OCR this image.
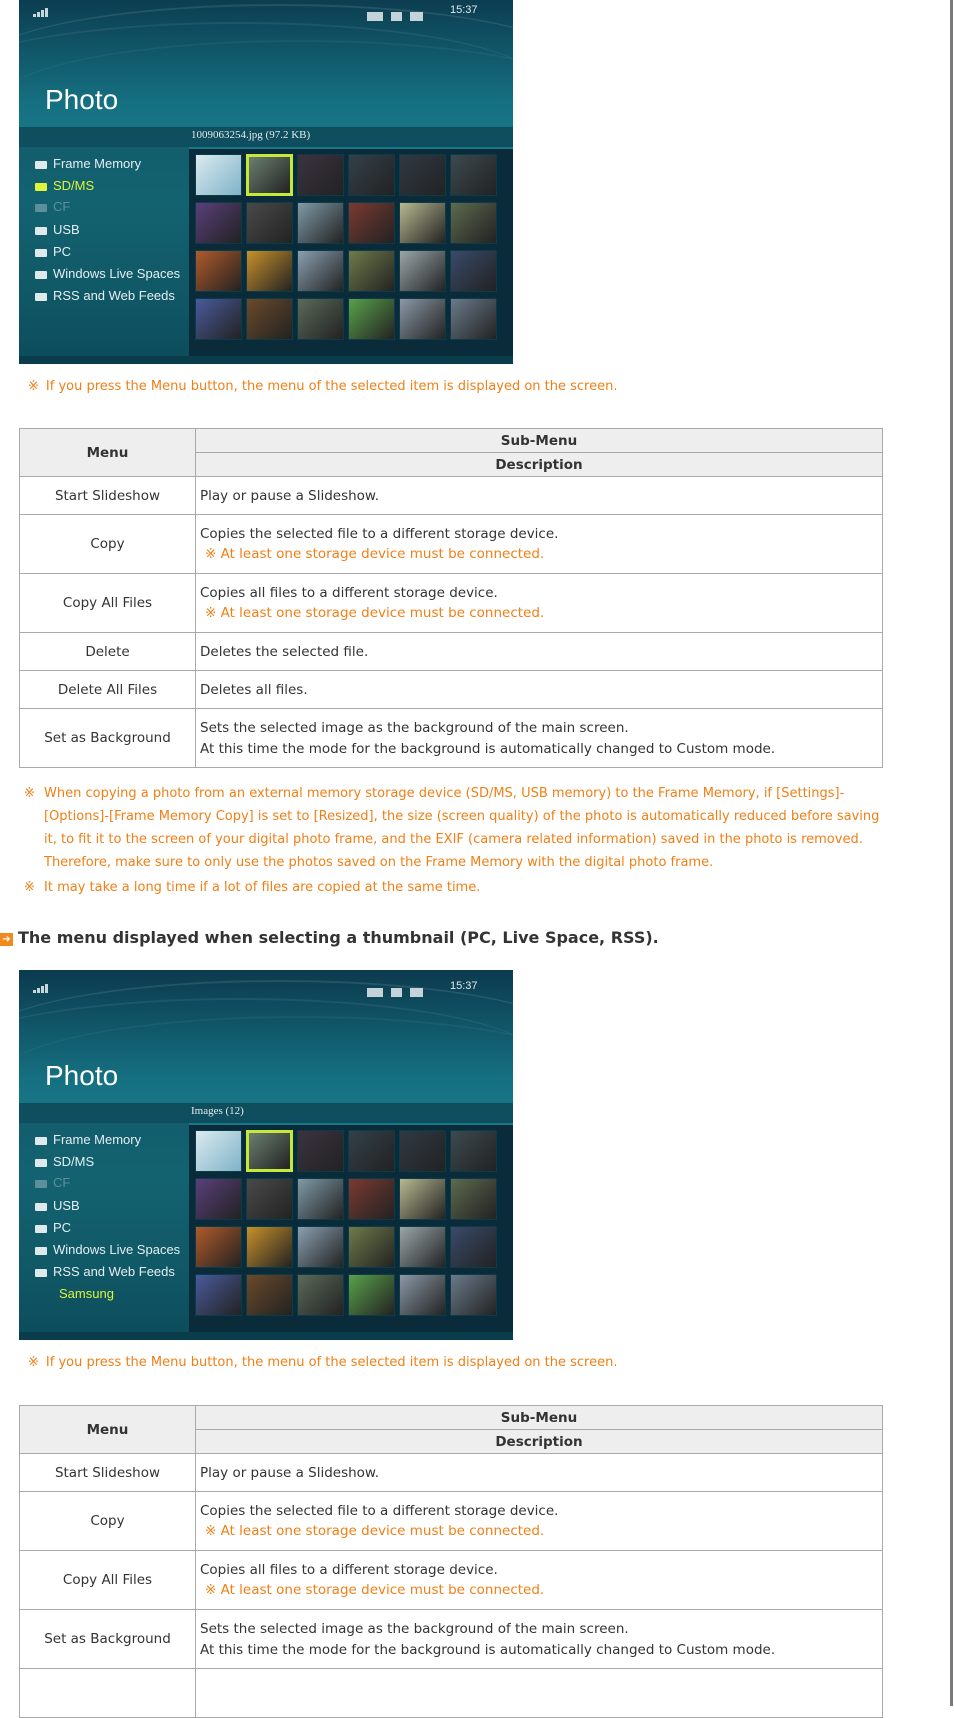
15:37
Photo
1009063254.jpg (97.2 KB)
Frame Memory
SD/MS
CF
USB
PC
Windows Live Spaces
RSS and Web Feeds
※ If you press the Menu button, the menu of the selected item is displayed on the screen.
Menu	Sub-Menu
	Description
Start Slideshow	Play or pause a Slideshow.

Copy	Copies the selected file to a different storage device.
※ At least one storage device must be connected.

Copy All Files	Copies all files to a different storage device.
※ At least one storage device must be connected.

Delete	Deletes the selected file.

Delete All Files	Deletes all files.

Set as Background	Sets the selected image as the background of the main screen.
At this time the mode for the background is automatically changed to Custom mode.
※ When copying a photo from an external memory storage device (SD/MS, USB memory) to the Frame Memory, if [Settings]-[Options]-[Frame Memory Copy] is set to [Resized], the size (screen quality) of the photo is automatically reduced before saving it, to fit it to the screen of your digital photo frame, and the EXIF (camera related information) saved in the photo is removed. Therefore, make sure to only use the photos saved on the Frame Memory with the digital photo frame.
※ It may take a long time if a lot of files are copied at the same time.
➔ The menu displayed when selecting a thumbnail (PC, Live Space, RSS).
15:37
Photo
Images (12)
Frame Memory
SD/MS
CF
USB
PC
Windows Live Spaces
RSS and Web Feeds
Samsung
※ If you press the Menu button, the menu of the selected item is displayed on the screen.
Menu	Sub-Menu
	Description
Start Slideshow	Play or pause a Slideshow.

Copy	Copies the selected file to a different storage device.
※ At least one storage device must be connected.

Copy All Files	Copies all files to a different storage device.
※ At least one storage device must be connected.

Set as Background	Sets the selected image as the background of the main screen.
At this time the mode for the background is automatically changed to Custom mode.
